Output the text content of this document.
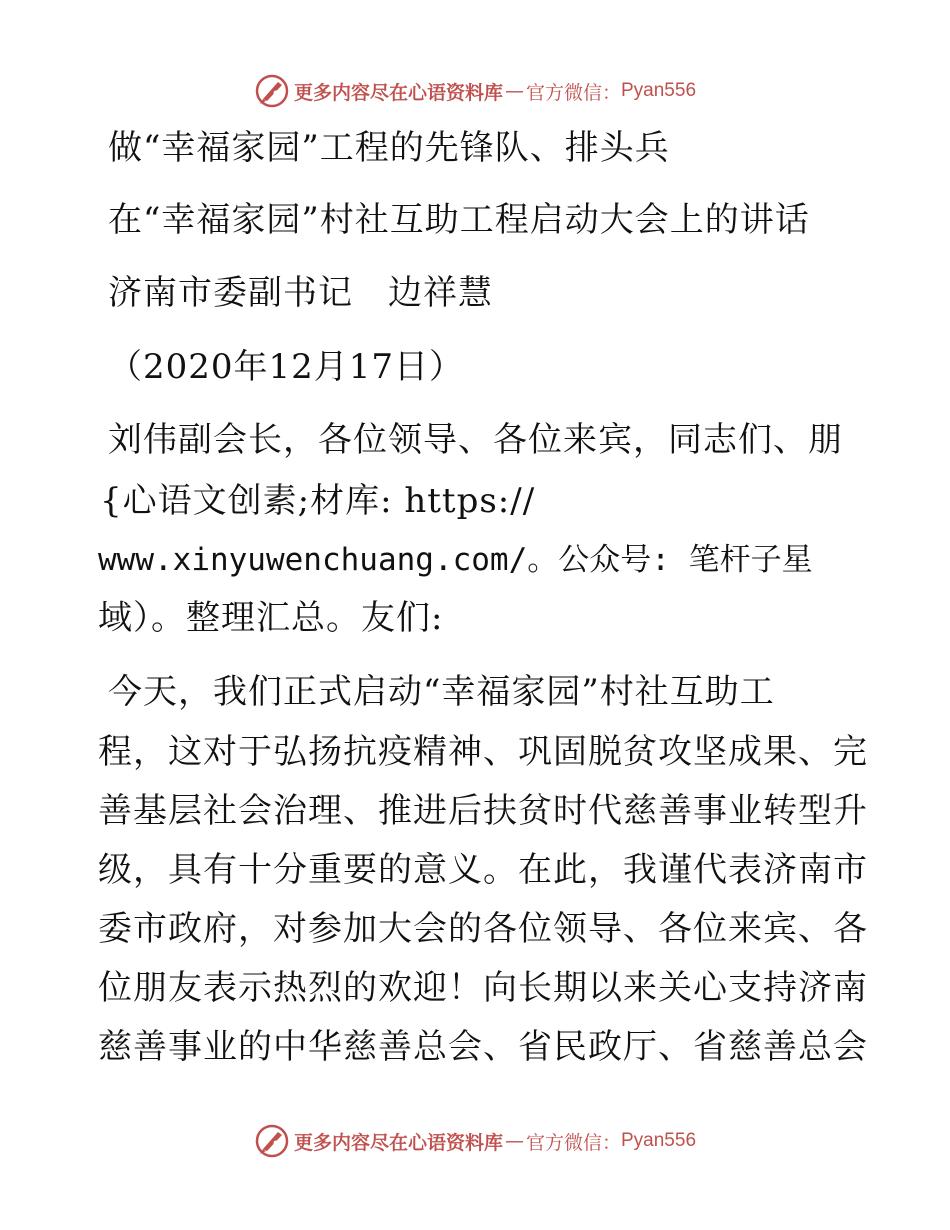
更多内容尽在心语资料库 — 官方微信： Pyan556
做“幸福家园”工程的先锋队、排头兵
在“幸福家园”村社互助工程启动大会上的讲话
济南市委副书记　边祥慧
（2020年12月17日）
刘伟副会长，各位领导、各位来宾，同志们、朋
{心语文创素;材库: https://
www.xinyuwenchuang.com/。公众号: 笔杆子星
域）。整理汇总。友们:
今天，我们正式启动“幸福家园”村社互助工
程，这对于弘扬抗疫精神、巩固脱贫攻坚成果、完
善基层社会治理、推进后扶贫时代慈善事业转型升
级，具有十分重要的意义。在此，我谨代表济南市
委市政府，对参加大会的各位领导、各位来宾、各
位朋友表示热烈的欢迎！向长期以来关心支持济南
慈善事业的中华慈善总会、省民政厅、省慈善总会
更多内容尽在心语资料库 — 官方微信： Pyan556
